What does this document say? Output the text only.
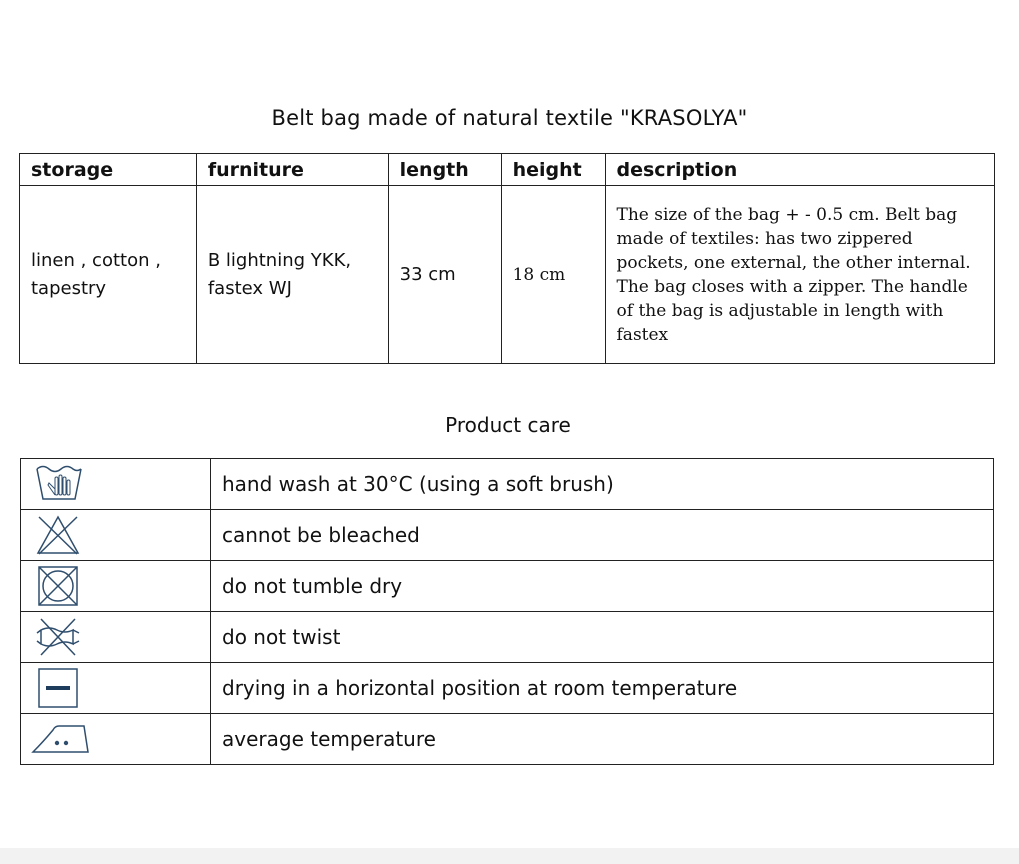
Belt bag made of natural textile "KRASOLYA"
storage	furniture	length	height	description
linen , cotton , tapestry	B lightning YKK, fastex WJ	33 cm	18 cm	The size of the bag + - 0.5 cm. Belt bag made of textiles: has two zippered pockets, one external, the other internal. The bag closes with a zipper. The handle of the bag is adjustable in length with fastex
Product care
	hand wash at 30°C (using a soft brush)

	cannot be bleached

	do not tumble dry

	do not twist

	drying in a horizontal position at room temperature

	average temperature
